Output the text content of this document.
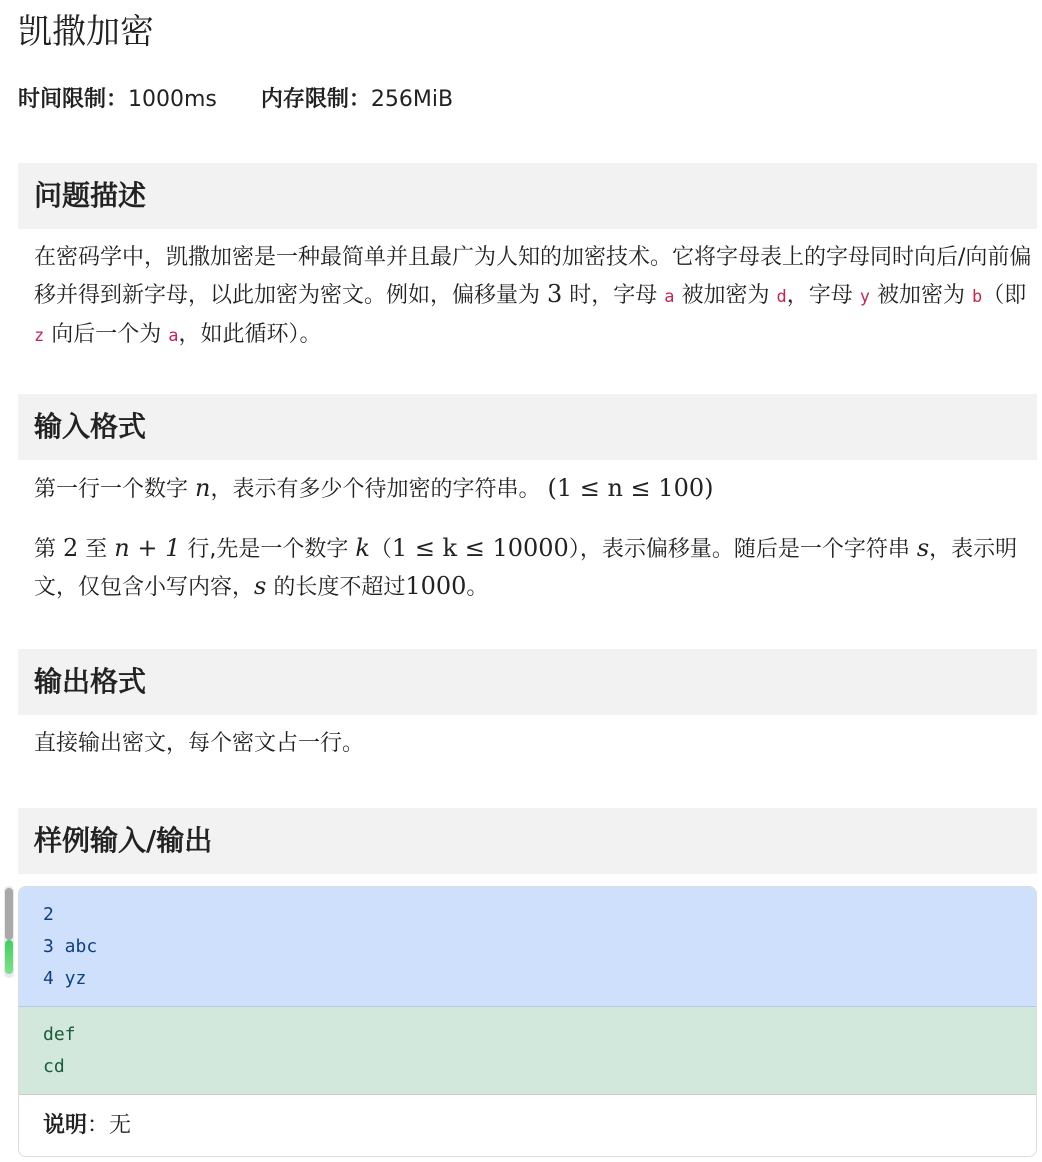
凯撒加密
时间限制：1000ms 内存限制：256MiB
问题描述
在密码学中，凯撒加密是一种最简单并且最广为人知的加密技术。它将字母表上的字母同时向后/向前偏移并得到新字母，以此加密为密文。例如，偏移量为 3 时，字母 a 被加密为 d，字母 y 被加密为 b（即 z 向后一个为 a，如此循环）。
输入格式
第一行一个数字 n，表示有多少个待加密的字符串。 (1 ≤ n ≤ 100)
第 2 至 n + 1 行,先是一个数字 k（1 ≤ k ≤ 10000），表示偏移量。随后是一个字符串 s，表示明文，仅包含小写内容，s 的长度不超过1000。
输出格式
直接输出密文，每个密文占一行。
样例输入/输出
2
3 abc
4 yz
def
cd
说明：无
